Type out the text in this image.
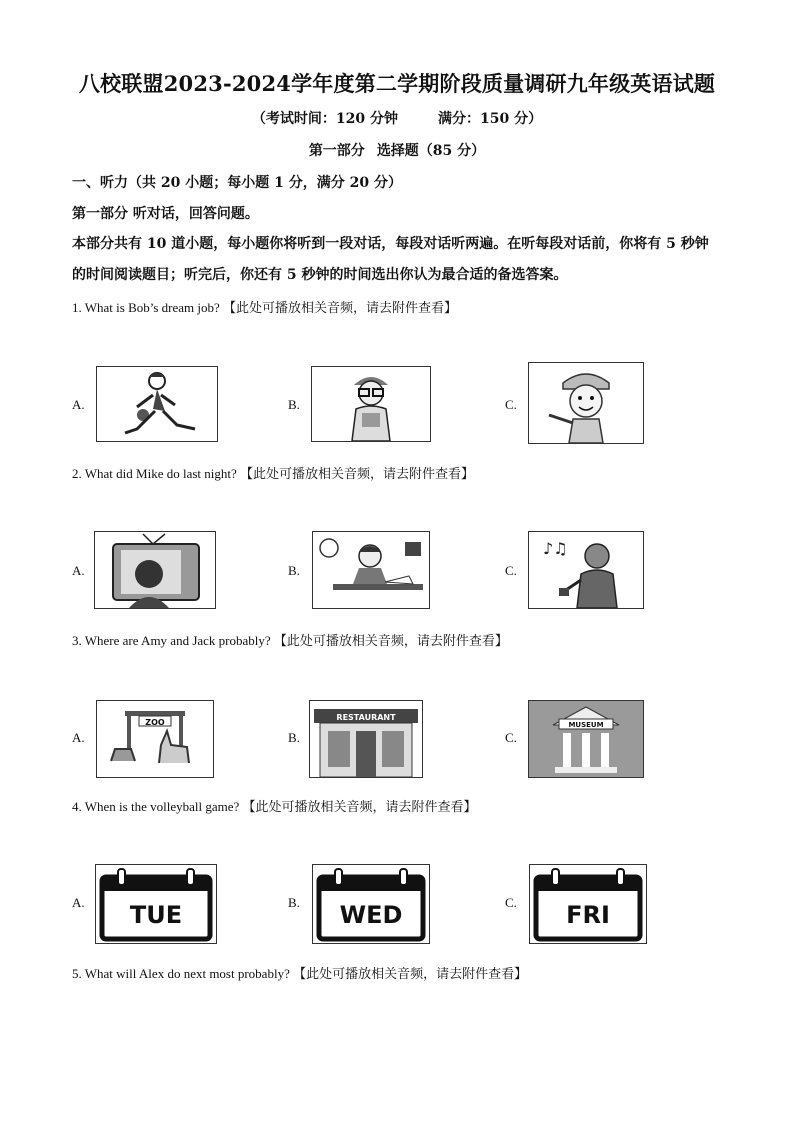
八校联盟2023-2024学年度第二学期阶段质量调研九年级英语试题
（考试时间：120 分钟	满分：150 分）
第一部分 选择题（85 分）
一、听力（共 20 小题；每小题 1 分，满分 20 分）
第一部分 听对话，回答问题。
本部分共有 10 道小题，每小题你将听到一段对话，每段对话听两遍。在听每段对话前，你将有 5 秒钟的时间阅读题目；听完后，你还有 5 秒钟的时间选出你认为最合适的备选答案。
1. What is Bob’s dream job? 【此处可播放相关音频，请去附件查看】
A.	B.	C.
2. What did Mike do last night? 【此处可播放相关音频，请去附件查看】
A.	B.	C.
♪♫
3. Where are Amy and Jack probably? 【此处可播放相关音频，请去附件查看】
A.
ZOO
B.
RESTAURANT
C.
MUSEUM
4. When is the volleyball game? 【此处可播放相关音频，请去附件查看】
A. TUE	B. WED	C. FRI
5. What will Alex do next most probably? 【此处可播放相关音频，请去附件查看】
